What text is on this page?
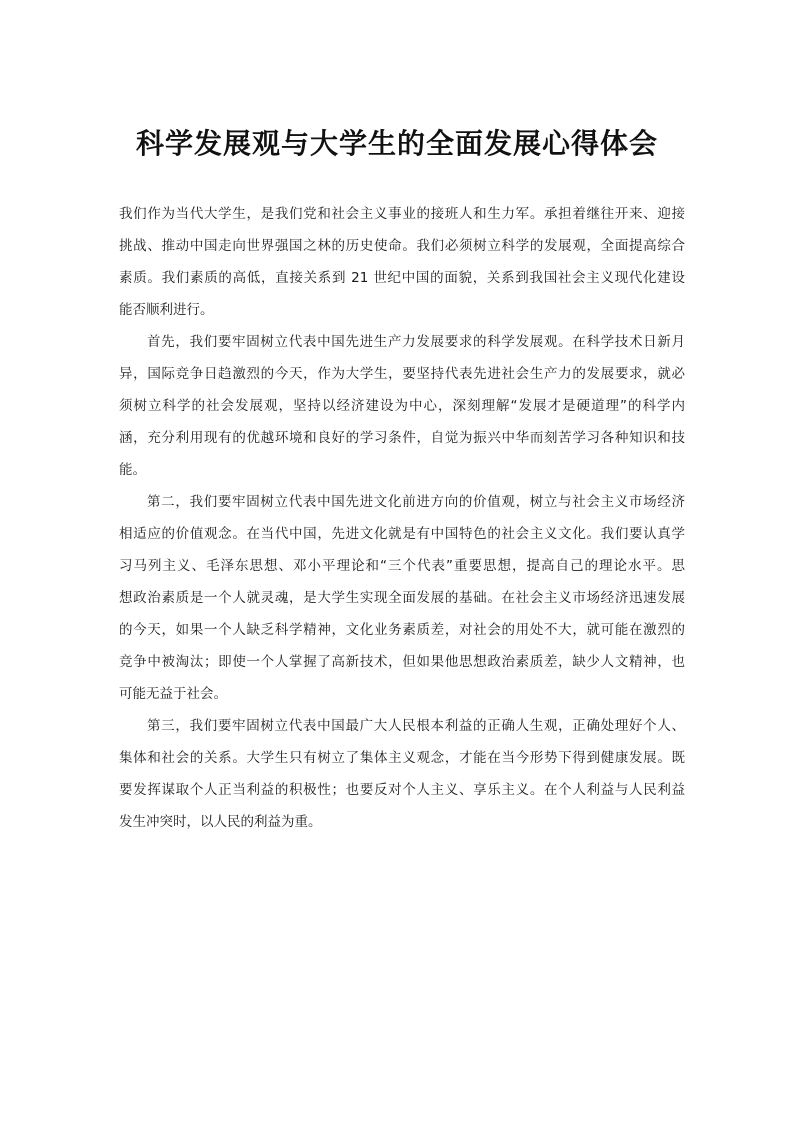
科学发展观与大学生的全面发展心得体会
我们作为当代大学生，是我们党和社会主义事业的接班人和生力军。承担着继往开来、迎接
挑战、推动中国走向世界强国之林的历史使命。我们必须树立科学的发展观，全面提高综合
素质。我们素质的高低，直接关系到 21 世纪中国的面貌，关系到我国社会主义现代化建设
能否顺利进行。
首先，我们要牢固树立代表中国先进生产力发展要求的科学发展观。在科学技术日新月
异，国际竞争日趋激烈的今天，作为大学生，要坚持代表先进社会生产力的发展要求，就必
须树立科学的社会发展观，坚持以经济建设为中心，深刻理解“发展才是硬道理”的科学内
涵，充分利用现有的优越环境和良好的学习条件，自觉为振兴中华而刻苦学习各种知识和技
能。
第二，我们要牢固树立代表中国先进文化前进方向的价值观，树立与社会主义市场经济
相适应的价值观念。在当代中国，先进文化就是有中国特色的社会主义文化。我们要认真学
习马列主义、毛泽东思想、邓小平理论和“三个代表”重要思想，提高自己的理论水平。思
想政治素质是一个人就灵魂，是大学生实现全面发展的基础。在社会主义市场经济迅速发展
的今天，如果一个人缺乏科学精神，文化业务素质差，对社会的用处不大，就可能在激烈的
竞争中被淘汰；即使一个人掌握了高新技术，但如果他思想政治素质差，缺少人文精神，也
可能无益于社会。
第三，我们要牢固树立代表中国最广大人民根本利益的正确人生观，正确处理好个人、
集体和社会的关系。大学生只有树立了集体主义观念，才能在当今形势下得到健康发展。既
要发挥谋取个人正当利益的积极性；也要反对个人主义、享乐主义。在个人利益与人民利益
发生冲突时，以人民的利益为重。
